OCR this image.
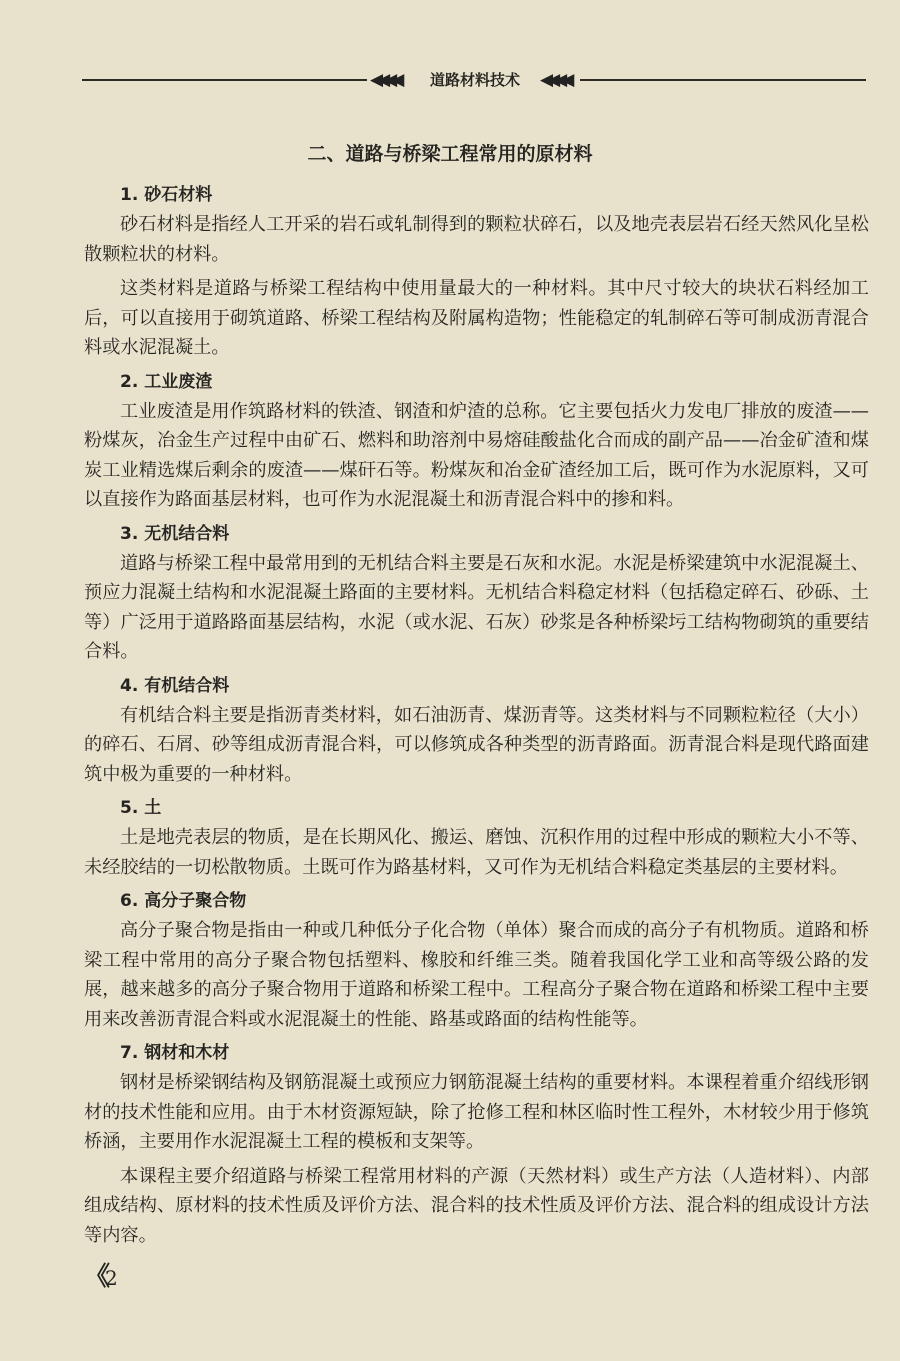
◀◀◀◀	道路材料技术	◀◀◀◀
二、道路与桥梁工程常用的原材料
1. 砂石材料

砂石材料是指经人工开采的岩石或轧制得到的颗粒状碎石，以及地壳表层岩石经天然风化呈松散颗粒状的材料。

这类材料是道路与桥梁工程结构中使用量最大的一种材料。其中尺寸较大的块状石料经加工后，可以直接用于砌筑道路、桥梁工程结构及附属构造物；性能稳定的轧制碎石等可制成沥青混合料或水泥混凝土。

2. 工业废渣

工业废渣是用作筑路材料的铁渣、钢渣和炉渣的总称。它主要包括火力发电厂排放的废渣——粉煤灰，冶金生产过程中由矿石、燃料和助溶剂中易熔硅酸盐化合而成的副产品——冶金矿渣和煤炭工业精选煤后剩余的废渣——煤矸石等。粉煤灰和冶金矿渣经加工后，既可作为水泥原料，又可以直接作为路面基层材料，也可作为水泥混凝土和沥青混合料中的掺和料。

3. 无机结合料

道路与桥梁工程中最常用到的无机结合料主要是石灰和水泥。水泥是桥梁建筑中水泥混凝土、预应力混凝土结构和水泥混凝土路面的主要材料。无机结合料稳定材料（包括稳定碎石、砂砾、土等）广泛用于道路路面基层结构，水泥（或水泥、石灰）砂浆是各种桥梁圬工结构物砌筑的重要结合料。

4. 有机结合料

有机结合料主要是指沥青类材料，如石油沥青、煤沥青等。这类材料与不同颗粒粒径（大小）的碎石、石屑、砂等组成沥青混合料，可以修筑成各种类型的沥青路面。沥青混合料是现代路面建筑中极为重要的一种材料。

5. 土

土是地壳表层的物质，是在长期风化、搬运、磨蚀、沉积作用的过程中形成的颗粒大小不等、未经胶结的一切松散物质。土既可作为路基材料，又可作为无机结合料稳定类基层的主要材料。

6. 高分子聚合物

高分子聚合物是指由一种或几种低分子化合物（单体）聚合而成的高分子有机物质。道路和桥梁工程中常用的高分子聚合物包括塑料、橡胶和纤维三类。随着我国化学工业和高等级公路的发展，越来越多的高分子聚合物用于道路和桥梁工程中。工程高分子聚合物在道路和桥梁工程中主要用来改善沥青混合料或水泥混凝土的性能、路基或路面的结构性能等。

7. 钢材和木材

钢材是桥梁钢结构及钢筋混凝土或预应力钢筋混凝土结构的重要材料。本课程着重介绍线形钢材的技术性能和应用。由于木材资源短缺，除了抢修工程和林区临时性工程外，木材较少用于修筑桥涵，主要用作水泥混凝土工程的模板和支架等。

本课程主要介绍道路与桥梁工程常用材料的产源（天然材料）或生产方法（人造材料）、内部组成结构、原材料的技术性质及评价方法、混合料的技术性质及评价方法、混合料的组成设计方法等内容。

《2
